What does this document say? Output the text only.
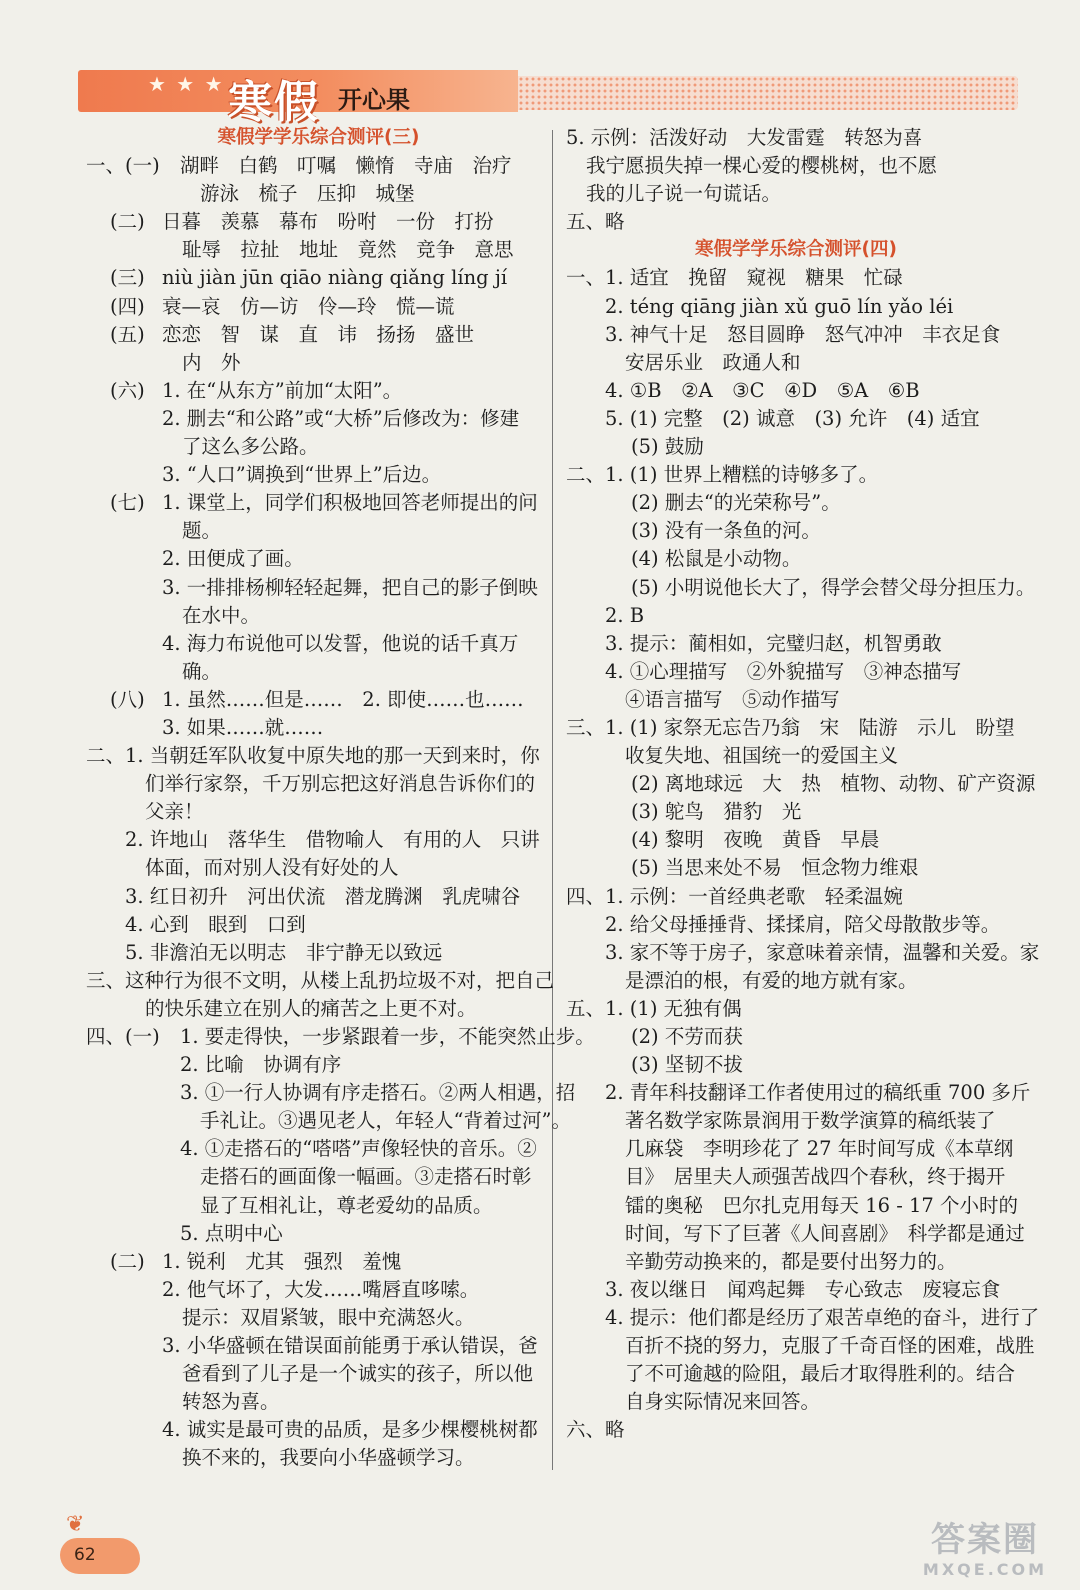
★ ★ ★ 寒假 开心果
寒假学学乐综合测评(三)
一、(一) 湖畔　白鹤　叮嘱　懒惰　寺庙　治疗
游泳　梳子　压抑　城堡
(二) 日暮　羡慕　幕布　吩咐　一份　打扮
耻辱　拉扯　地址　竟然　竞争　意思
(三) niù jiàn jūn qiāo niàng qiǎng líng jí
(四) 衰—哀　仿—访　伶—玲　慌—谎
(五) 恋恋　智　谋　直　讳　扬扬　盛世
内　外
(六) 1. 在“从东方”前加“太阳”。
2. 删去“和公路”或“大桥”后修改为：修建
了这么多公路。
3. “人口”调换到“世界上”后边。
(七) 1. 课堂上，同学们积极地回答老师提出的问
题。
2. 田便成了画。
3. 一排排杨柳轻轻起舞，把自己的影子倒映
在水中。
4. 海力布说他可以发誓，他说的话千真万
确。
(八) 1. 虽然……但是……　2. 即使……也……
3. 如果……就……
二、 1. 当朝廷军队收复中原失地的那一天到来时，你
们举行家祭，千万别忘把这好消息告诉你们的
父亲！
2. 许地山　落华生　借物喻人　有用的人　只讲
体面，而对别人没有好处的人
3. 红日初升　河出伏流　潜龙腾渊　乳虎啸谷
4. 心到　眼到　口到
5. 非澹泊无以明志　非宁静无以致远
三、 这种行为很不文明，从楼上乱扔垃圾不对，把自己
的快乐建立在别人的痛苦之上更不对。
四、(一) 1. 要走得快，一步紧跟着一步，不能突然止步。
2. 比喻　协调有序
3. ①一行人协调有序走搭石。②两人相遇，招
手礼让。③遇见老人，年轻人“背着过河”。
4. ①走搭石的“嗒嗒”声像轻快的音乐。②
走搭石的画面像一幅画。③走搭石时彰
显了互相礼让，尊老爱幼的品质。
5. 点明中心
(二) 1. 锐利　尤其　强烈　羞愧
2. 他气坏了，大发……嘴唇直哆嗦。
提示：双眉紧皱，眼中充满怒火。
3. 小华盛顿在错误面前能勇于承认错误，爸
爸看到了儿子是一个诚实的孩子，所以他
转怒为喜。
4. 诚实是最可贵的品质，是多少棵樱桃树都
换不来的，我要向小华盛顿学习。
5. 示例：活泼好动　大发雷霆　转怒为喜
我宁愿损失掉一棵心爱的樱桃树，也不愿
我的儿子说一句谎话。
五、 略
寒假学学乐综合测评(四)
一、 1. 适宜　挽留　窥视　糖果　忙碌
2. téng qiāng jiàn xǔ guō lín yǎo léi
3. 神气十足　怒目圆睁　怒气冲冲　丰衣足食
安居乐业　政通人和
4. ①B　②A　③C　④D　⑤A　⑥B
5. (1) 完整　(2) 诚意　(3) 允许　(4) 适宜
(5) 鼓励
二、 1. (1) 世界上糟糕的诗够多了。
(2) 删去“的光荣称号”。
(3) 没有一条鱼的河。
(4) 松鼠是小动物。
(5) 小明说他长大了，得学会替父母分担压力。
2. B
3. 提示：蔺相如，完璧归赵，机智勇敢
4. ①心理描写　②外貌描写　③神态描写
④语言描写　⑤动作描写
三、 1. (1) 家祭无忘告乃翁　宋　陆游　示儿　盼望
收复失地、祖国统一的爱国主义
(2) 离地球远　大　热　植物、动物、矿产资源
(3) 鸵鸟　猎豹　光
(4) 黎明　夜晚　黄昏　早晨
(5) 当思来处不易　恒念物力维艰
四、 1. 示例：一首经典老歌　轻柔温婉
2. 给父母捶捶背、揉揉肩，陪父母散散步等。
3. 家不等于房子，家意味着亲情，温馨和关爱。家
是漂泊的根，有爱的地方就有家。
五、 1. (1) 无独有偶
(2) 不劳而获
(3) 坚韧不拔
2. 青年科技翻译工作者使用过的稿纸重 700 多斤
著名数学家陈景润用于数学演算的稿纸装了
几麻袋　李明珍花了 27 年时间写成《本草纲
目》　居里夫人顽强苦战四个春秋，终于揭开
镭的奥秘　巴尔扎克用每天 16 - 17 个小时的
时间，写下了巨著《人间喜剧》　科学都是通过
辛勤劳动换来的，都是要付出努力的。
3. 夜以继日　闻鸡起舞　专心致志　废寝忘食
4. 提示：他们都是经历了艰苦卓绝的奋斗，进行了
百折不挠的努力，克服了千奇百怪的困难，战胜
了不可逾越的险阻，最后才取得胜利的。结合
自身实际情况来回答。
六、 略
❦
62	答案圈
MXQE.COM
